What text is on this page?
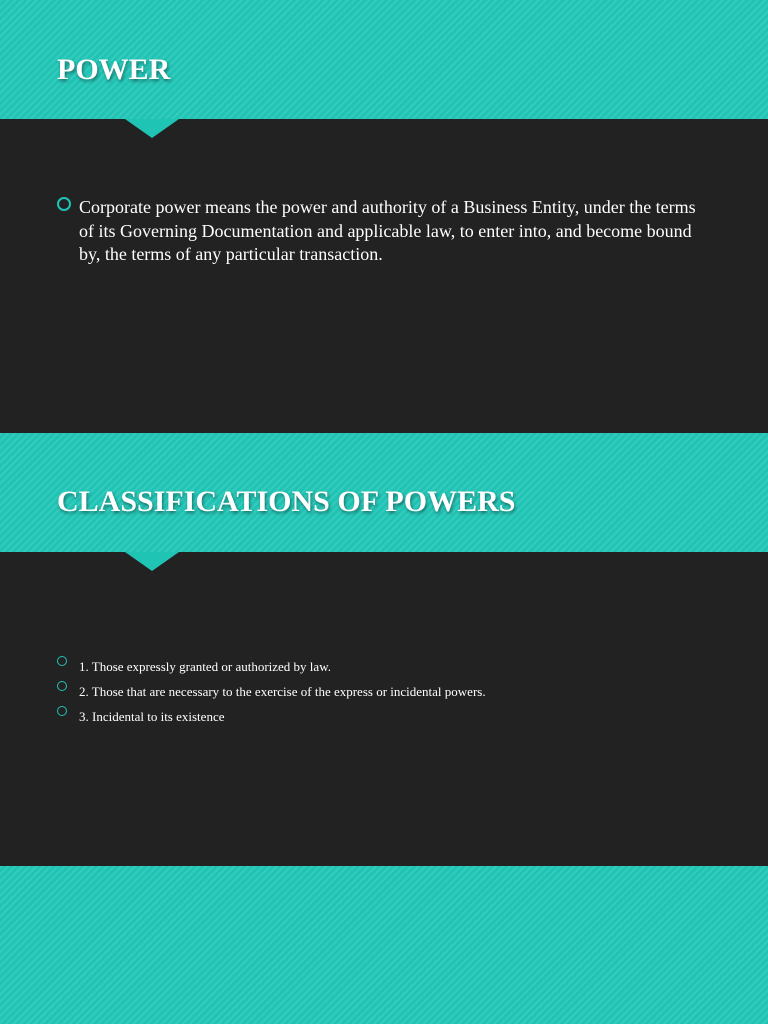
POWER
Corporate power means the power and authority of a Business Entity, under the terms of its Governing Documentation and applicable law, to enter into, and become bound by, the terms of any particular transaction.
CLASSIFICATIONS OF POWERS
1. Those expressly granted or authorized by law.
2. Those that are necessary to the exercise of the express or incidental powers.
3. Incidental to its existence
